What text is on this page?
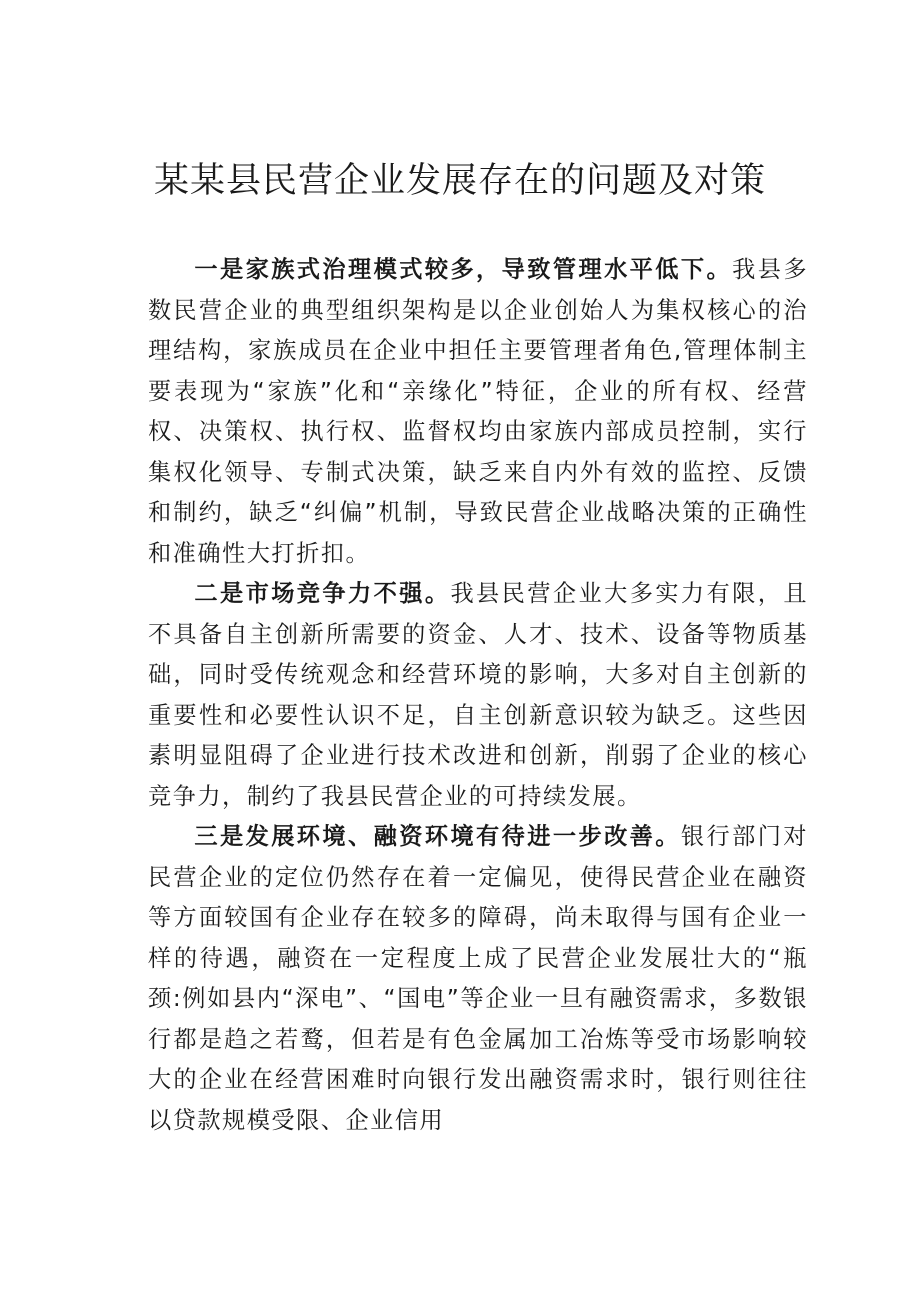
某某县民营企业发展存在的问题及对策

一是家族式治理模式较多，导致管理水平低下。我县多数民营企业的典型组织架构是以企业创始人为集权核心的治理结构，家族成员在企业中担任主要管理者角色,管理体制主要表现为“家族”化和“亲缘化”特征，企业的所有权、经营权、决策权、执行权、监督权均由家族内部成员控制，实行集权化领导、专制式决策，缺乏来自内外有效的监控、反馈和制约，缺乏“纠偏”机制，导致民营企业战略决策的正确性和准确性大打折扣。

二是市场竞争力不强。我县民营企业大多实力有限，且不具备自主创新所需要的资金、人才、技术、设备等物质基础，同时受传统观念和经营环境的影响，大多对自主创新的重要性和必要性认识不足，自主创新意识较为缺乏。这些因素明显阻碍了企业进行技术改进和创新，削弱了企业的核心竞争力，制约了我县民营企业的可持续发展。

三是发展环境、融资环境有待进一步改善。银行部门对民营企业的定位仍然存在着一定偏见，使得民营企业在融资等方面较国有企业存在较多的障碍，尚未取得与国有企业一样的待遇，融资在一定程度上成了民营企业发展壮大的“瓶颈:例如县内“深电”、“国电”等企业一旦有融资需求，多数银行都是趋之若鹜，但若是有色金属加工冶炼等受市场影响较大的企业在经营困难时向银行发出融资需求时，银行则往往以贷款规模受限、企业信用
